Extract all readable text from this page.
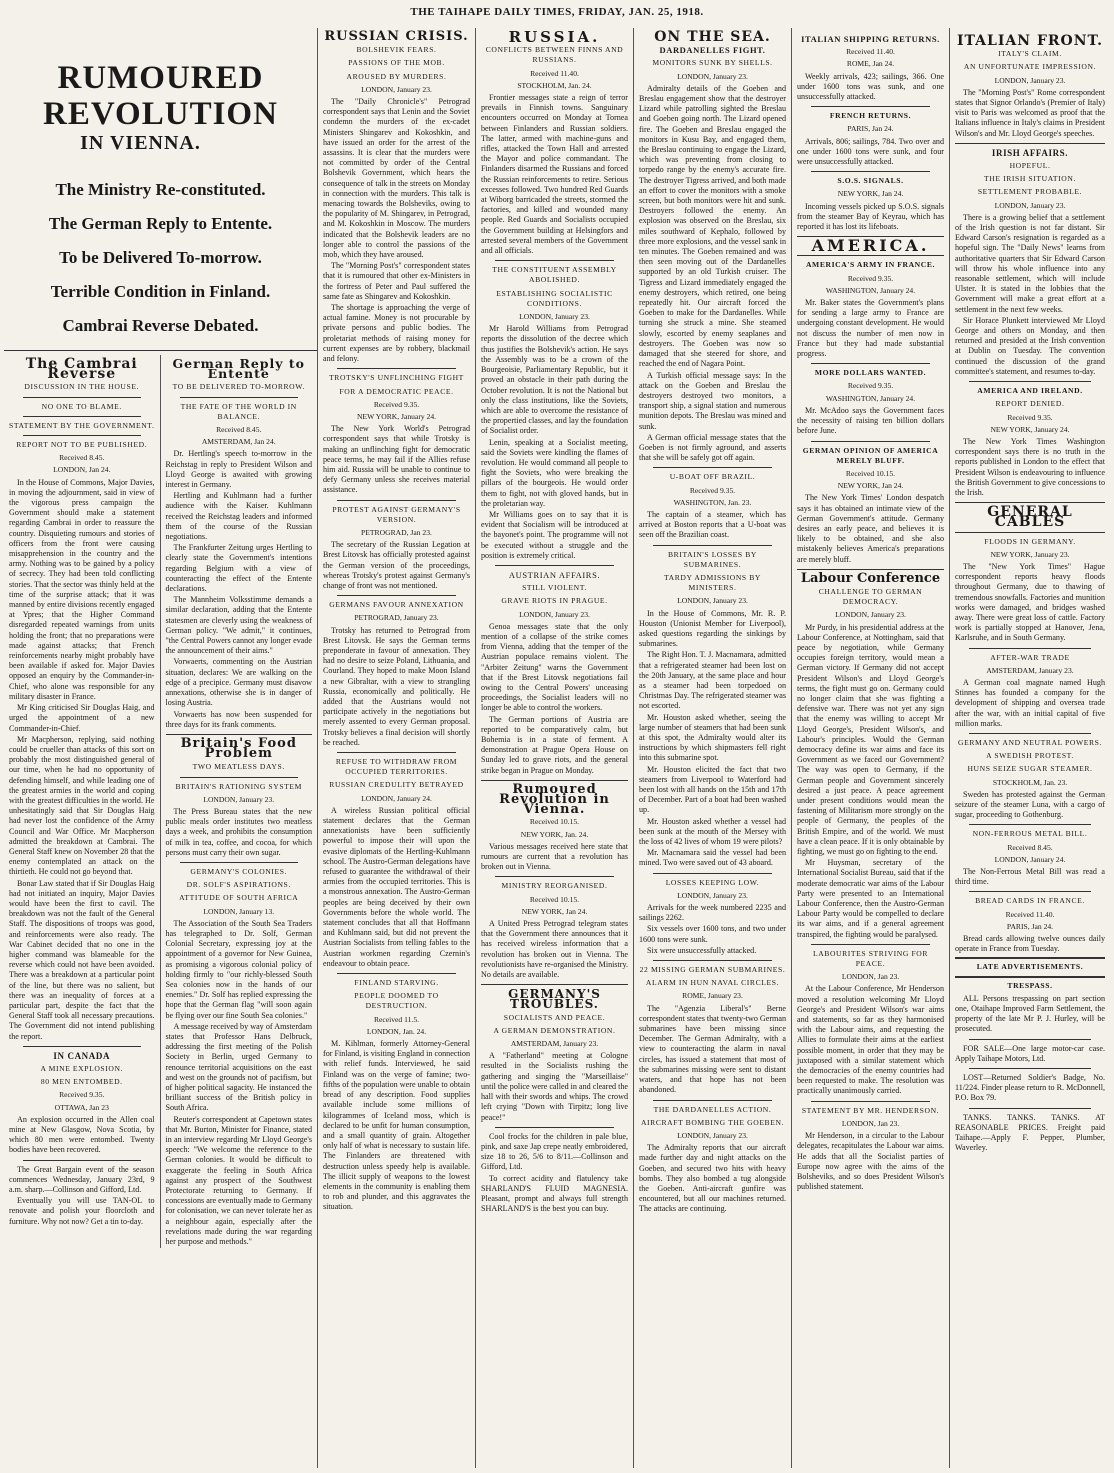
THE TAIHAPE DAILY TIMES, FRIDAY, JAN. 25, 1918.
RUMOURED REVOLUTION
IN VIENNA.
The Ministry Re-constituted.
The German Reply to Entente.
To be Delivered To-morrow.
Terrible Condition in Finland.
Cambrai Reverse Debated.
The Cambrai Reverse
DISCUSSION IN THE HOUSE.
NO ONE TO BLAME.
STATEMENT BY THE GOVERNMENT.
REPORT NOT TO BE PUBLISHED.
Received 8.45.
LONDON, Jan 24.

In the House of Commons, Major Davies, in moving the adjournment, said in view of the vigorous press campaign the Government should make a statement regarding Cambrai in order to reassure the country. Disquieting rumours and stories of officers from the front were causing misapprehension in the country and the army. Nothing was to be gained by a policy of secrecy. They had been told conflicting stories. That the sector was thinly held at the time of the surprise attack; that it was manned by entire divisions recently engaged at Ypres; that the Higher Command disregarded repeated warnings from units holding the front; that no preparations were made against attacks; that French reinforcements nearby might probably have been available if asked for. Major Davies opposed an enquiry by the Commander-in-Chief, who alone was responsible for any military disaster in France.

Mr King criticised Sir Douglas Haig, and urged the appointment of a new Commander-in-Chief.

Mr Macpherson, replying, said nothing could be crueller than attacks of this sort on probably the most distinguished general of our time, when he had no opportunity of defending himself, and while leading one of the greatest armies in the world and coping with the greatest difficulties in the world. He unhesitatingly said that Sir Douglas Haig had never lost the confidence of the Army Council and War Office. Mr Macpherson admitted the breakdown at Cambrai. The General Staff knew on November 28 that the enemy contemplated an attack on the thirtieth. He could not go beyond that.

Bonar Law stated that if Sir Douglas Haig had not initiated an inquiry, Major Davies would have been the first to cavil. The breakdown was not the fault of the General Staff. The dispositions of troops was good, and reinforcements were also ready. The War Cabinet decided that no one in the higher command was blameable for the reverse which could not have been avoided. There was a breakdown at a particular point of the line, but there was no salient, but there was an inequality of forces at a particular part, despite the fact that the General Staff took all necessary precautions. The Government did not intend publishing the report.

IN CANADA
A MINE EXPLOSION.
80 MEN ENTOMBED.
Received 9.35.
OTTAWA, Jan 23

An explosion occurred in the Allen coal mine at New Glasgow, Nova Scotia, by which 80 men were entombed. Twenty bodies have been recovered.

The Great Bargain event of the season commences Wednesday, January 23rd, 9 a.m. sharp.—Collinson and Gifford, Ltd.

Eventually you will use TAN-OL to renovate and polish your floorcloth and furniture. Why not now? Get a tin to-day.

German Reply to Entente
TO BE DELIVERED TO-MORROW.
THE FATE OF THE WORLD IN BALANCE.
Received 8.45.
AMSTERDAM, Jan 24.

Dr. Hertling's speech to-morrow in the Reichstag in reply to President Wilson and Lloyd George is awaited with growing interest in Germany.

Hertling and Kuhlmann had a further audience with the Kaiser. Kuhlmann received the Reichstag leaders and informed them of the course of the Russian negotiations.

The Frankfurter Zeitung urges Hertling to clearly state the Government's intentions regarding Belgium with a view of counteracting the effect of the Entente declarations.

The Mannheim Volksstimme demands a similar declaration, adding that the Entente statesmen are cleverly using the weakness of German policy. "We admit," it continues, "the Central Powers cannot any longer evade the announcement of their aims."

Vorwaerts, commenting on the Austrian situation, declares: We are walking on the edge of a precipice. Germany must disavow annexations, otherwise she is in danger of losing Austria.

Vorwaerts has now been suspended for three days for its frank comments.

Britain's Food Problem
TWO MEATLESS DAYS.
BRITAIN'S RATIONING SYSTEM
LONDON, January 23.

The Press Bureau states that the new public meals order institutes two meatless days a week, and prohibits the consumption of milk in tea, coffee, and cocoa, for which persons must carry their own sugar.

GERMANY'S COLONIES.
DR. SOLF'S ASPIRATIONS.
ATTITUDE OF SOUTH AFRICA
LONDON, January 13.

The Association of the South Sea Traders has telegraphed to Dr. Solf, German Colonial Secretary, expressing joy at the appointment of a governor for New Guinea, as promising a vigorous colonial policy of holding firmly to "our richly-blessed South Sea colonies now in the hands of our enemies." Dr. Solf has replied expressing the hope that the German flag "will soon again be flying over our fine South Sea colonies."

A message received by way of Amsterdam states that Professor Hans Delbruck, addressing the first meeting of the Polish Society in Berlin, urged Germany to renounce territorial acquisitions on the east and west on the grounds not of pacifism, but of higher political sagacity. He instanced the brilliant success of the British policy in South Africa.

Reuter's correspondent at Capetown states that Mr. Burton, Minister for Finance, stated in an interview regarding Mr Lloyd George's speech: "We welcome the reference to the German colonies. It would be difficult to exaggerate the feeling in South Africa against any prospect of the Southwest Protectorate returning to Germany. If concessions are eventually made to Germany for colonisation, we can never tolerate her as a neighbour again, especially after the revelations made during the war regarding her purpose and methods."

RUSSIAN CRISIS.
BOLSHEVIK FEARS.
PASSIONS OF THE MOB.
AROUSED BY MURDERS.
LONDON, January 23.

The "Daily Chronicle's" Petrograd correspondent says that Lenin and the Soviet condemn the murders of the ex-cadet Ministers Shingarev and Kokoshkin, and have issued an order for the arrest of the assassins. It is clear that the murders were not committed by order of the Central Bolshevik Government, which hears the consequence of talk in the streets on Monday in connection with the murders. This talk is menacing towards the Bolsheviks, owing to the popularity of M. Shingarev, in Petrograd, and M. Kokoshkin in Moscow. The murders indicated that the Bolshevik leaders are no longer able to control the passions of the mob, which they have aroused.

The "Morning Post's" correspondent states that it is rumoured that other ex-Ministers in the fortress of Peter and Paul suffered the same fate as Shingarev and Kokoshkin.

The shortage is approaching the verge of actual famine. Money is not procurable by private persons and public bodies. The proletariat methods of raising money for current expenses are by robbery, blackmail and felony.

TROTSKY'S UNFLINCHING FIGHT
FOR A DEMOCRATIC PEACE.
Received 9.35.
NEW YORK, January 24.

The New York World's Petrograd correspondent says that while Trotsky is making an unflinching fight for democratic peace terms, he may fail if the Allies refuse him aid. Russia will be unable to continue to defy Germany unless she receives material assistance.

PROTEST AGAINST GERMANY'S VERSION.
PETROGRAD, Jan 23.

The secretary of the Russian Legation at Brest Litovsk has officially protested against the German version of the proceedings, whereas Trotsky's protest against Germany's change of front was not mentioned.

GERMANS FAVOUR ANNEXATION
PETROGRAD, January 23.

Trotsky has returned to Petrograd from Brest Litovsk. He says the German terms preponderate in favour of annexation. They had no desire to seize Poland, Lithuania, and Courland. They hoped to make Moon Island a new Gibraltar, with a view to strangling Russia, economically and politically. He added that the Austrians would not participate actively in the negotiations but merely assented to every German proposal. Trotsky believes a final decision will shortly be reached.

REFUSE TO WITHDRAW FROM OCCUPIED TERRITORIES.
RUSSIAN CREDULITY BETRAYED
LONDON, January 24.

A wireless Russian political official statement declares that the German annexationists have been sufficiently powerful to impose their will upon the evasive diplomats of the Hertling-Kuhlmann school. The Austro-German delegations have refused to guarantee the withdrawal of their armies from the occupied territories. This is a monstrous annexation. The Austro-German peoples are being deceived by their own Governments before the whole world. The statement concludes that all that Hoffmann and Kuhlmann said, but did not prevent the Austrian Socialists from telling fables to the Austrian workmen regarding Czernin's endeavour to obtain peace.

FINLAND STARVING.
PEOPLE DOOMED TO DESTRUCTION.
Received 11.5.
LONDON, Jan. 24.

M. Kihlman, formerly Attorney-General for Finland, is visiting England in connection with relief funds. Interviewed, he said Finland was on the verge of famine; two-fifths of the population were unable to obtain bread of any description. Food supplies available include some millions of kilogrammes of Iceland moss, which is declared to be unfit for human consumption, and a small quantity of grain. Altogether only half of what is necessary to sustain life. The Finlanders are threatened with destruction unless speedy help is available. The illicit supply of weapons to the lowest elements in the community is enabling them to rob and plunder, and this aggravates the situation.

RUSSIA.
CONFLICTS BETWEEN FINNS AND RUSSIANS.
Received 11.40.
STOCKHOLM, Jan. 24.

Frontier messages state a reign of terror prevails in Finnish towns. Sanguinary encounters occurred on Monday at Tornea between Finlanders and Russian soldiers. The latter, armed with machine-guns and rifles, attacked the Town Hall and arrested the Mayor and police commandant. The Finlanders disarmed the Russians and forced the Russian reinforcements to retire. Serious excesses followed. Two hundred Red Guards at Wiborg barricaded the streets, stormed the factories, and killed and wounded many people. Red Guards and Socialists occupied the Government building at Helsingfors and arrested several members of the Government and all officials.

THE CONSTITUENT ASSEMBLY ABOLISHED.
ESTABLISHING SOCIALISTIC CONDITIONS.
LONDON, January 23.

Mr Harold Williams from Petrograd reports the dissolution of the decree which thus justifies the Bolshevik's action. He says the Assembly was to be a crown of the Bourgeoisie, Parliamentary Republic, but it proved an obstacle in their path during the October revolution. It is not the National but only the class institutions, like the Soviets, which are able to overcome the resistance of the propertied classes, and lay the foundation of Socialist order.

Lenin, speaking at a Socialist meeting, said the Soviets were kindling the flames of revolution. He would command all people to fight the Soviets, who were breaking the pillars of the bourgeois. He would order them to fight, not with gloved hands, but in the proletarian way.

Mr Williams goes on to say that it is evident that Socialism will be introduced at the bayonet's point. The programme will not be executed without a struggle and the position is extremely critical.

AUSTRIAN AFFAIRS.
STILL VIOLENT.
GRAVE RIOTS IN PRAGUE.
LONDON, January 23.

Genoa messages state that the only mention of a collapse of the strike comes from Vienna, adding that the temper of the Austrian populace remains violent. The "Arbiter Zeitung" warns the Government that if the Brest Litovsk negotiations fail owing to the Central Powers' unceasing proceedings, the Socialist leaders will no longer be able to control the workers.

The German portions of Austria are reported to be comparatively calm, but Bohemia is in a state of ferment. A demonstration at Prague Opera House on Sunday led to grave riots, and the general strike began in Prague on Monday.

Rumoured Revolution in Vienna.
Received 10.15.
NEW YORK, Jan. 24.

Various messages received here state that rumours are current that a revolution has broken out in Vienna.

MINISTRY REORGANISED.
Received 10.15.
NEW YORK, Jan 24.

A United Press Petrograd telegram states that the Government there announces that it has received wireless information that a revolution has broken out in Vienna. The revolutionists have re-organised the Ministry. No details are available.

GERMANY'S TROUBLES.
SOCIALISTS AND PEACE.
A GERMAN DEMONSTRATION.
AMSTERDAM, January 23.

A "Fatherland" meeting at Cologne resulted in the Socialists rushing the gathering and singing the "Marseillaise" until the police were called in and cleared the hall with their swords and whips. The crowd left crying "Down with Tirpitz; long live peace!"

Cool frocks for the children in pale blue, pink, and saxe Jap crepe neatly embroidered, size 18 to 26, 5/6 to 8/11.—Collinson and Gifford, Ltd.

To correct acidity and flatulency take SHARLAND'S FLUID MAGNESIA. Pleasant, prompt and always full strength SHARLAND'S is the best you can buy.

ON THE SEA.
DARDANELLES FIGHT.
MONITORS SUNK BY SHELLS.
LONDON, January 23.

Admiralty details of the Goeben and Breslau engagement show that the destroyer Lizard while patrolling sighted the Breslau and Goeben going north. The Lizard opened fire. The Goeben and Breslau engaged the monitors in Kusu Bay, and engaged them, the Breslau continuing to engage the Lizard, which was preventing from closing to torpedo range by the enemy's accurate fire. The destroyer Tigress arrived, and both made an effort to cover the monitors with a smoke screen, but both monitors were hit and sunk. Destroyers followed the enemy. An explosion was observed on the Breslau, six miles southward of Kephalo, followed by three more explosions, and the vessel sank in ten minutes. The Goeben remained and was then seen moving out of the Dardanelles supported by an old Turkish cruiser. The Tigress and Lizard immediately engaged the enemy destroyers, which retired, one being repeatedly hit. Our aircraft forced the Goeben to make for the Dardanelles. While turning she struck a mine. She steamed slowly, escorted by enemy seaplanes and destroyers. The Goeben was now so damaged that she steered for shore, and reached the end of Nagara Point.

A Turkish official message says: In the attack on the Goeben and Breslau the destroyers destroyed two monitors, a transport ship, a signal station and numerous munition depots. The Breslau was mined and sunk.

A German official message states that the Goeben is not firmly aground, and asserts that she will be safely got off again.

U-BOAT OFF BRAZIL.
Received 9.35.
WASHINGTON, Jan. 23.

The captain of a steamer, which has arrived at Boston reports that a U-boat was seen off the Brazilian coast.

BRITAIN'S LOSSES BY SUBMARINES.
TARDY ADMISSIONS BY MINISTERS.
LONDON, January 23.

In the House of Commons, Mr. R. P. Houston (Unionist Member for Liverpool), asked questions regarding the sinkings by submarines.

The Right Hon. T. J. Macnamara, admitted that a refrigerated steamer had been lost on the 20th January, at the same place and hour as a steamer had been torpedoed on Christmas Day. The refrigerated steamer was not escorted.

Mr. Houston asked whether, seeing the large number of steamers that had been sunk at this spot, the Admiralty would alter its instructions by which shipmasters fell right into this submarine spot.

Mr. Houston elicited the fact that two steamers from Liverpool to Waterford had been lost with all hands on the 15th and 17th of December. Part of a boat had been washed up.

Mr. Houston asked whether a vessel had been sunk at the mouth of the Mersey with the loss of 42 lives of whom 19 were pilots?

Mr. Macnamara said the vessel had been mined. Two were saved out of 43 aboard.

LOSSES KEEPING LOW.
LONDON, January 23.

Arrivals for the week numbered 2235 and sailings 2262.

Six vessels over 1600 tons, and two under 1600 tons were sunk.

Six were unsuccessfully attacked.

22 MISSING GERMAN SUBMARINES.
ALARM IN HUN NAVAL CIRCLES.
ROME, January 23.

The "Agenzia Liberal's" Berne correspondent states that twenty-two German submarines have been missing since December. The German Admiralty, with a view to counteracting the alarm in naval circles, has issued a statement that most of the submarines missing were sent to distant waters, and that hope has not been abandoned.

THE DARDANELLES ACTION.
AIRCRAFT BOMBING THE GOEBEN.
LONDON, January 23.

The Admiralty reports that our aircraft made further day and night attacks on the Goeben, and secured two hits with heavy bombs. They also bombed a tug alongside the Goeben. Anti-aircraft gunfire was encountered, but all our machines returned. The attacks are continuing.

ITALIAN SHIPPING RETURNS.
Received 11.40.
ROME, Jan 24.

Weekly arrivals, 423; sailings, 366. One under 1600 tons was sunk, and one unsuccessfully attacked.

FRENCH RETURNS.
PARIS, Jan 24.

Arrivals, 806; sailings, 784. Two over and one under 1600 tons were sunk, and four were unsuccessfully attacked.

S.O.S. SIGNALS.
NEW YORK, Jan 24.

Incoming vessels picked up S.O.S. signals from the steamer Bay of Keyrau, which has reported it has lost its lifeboats.

AMERICA.
AMERICA'S ARMY IN FRANCE.
Received 9.35.
WASHINGTON, January 24.

Mr. Baker states the Government's plans for sending a large army to France are undergoing constant development. He would not discuss the number of men now in France but they had made substantial progress.

MORE DOLLARS WANTED.
Received 9.35.
WASHINGTON, January 24.

Mr. McAdoo says the Government faces the necessity of raising ten billion dollars before June.

GERMAN OPINION OF AMERICA MERELY BLUFF.
Received 10.15.
NEW YORK, Jan 24.

The New York Times' London despatch says it has obtained an intimate view of the German Government's attitude. Germany desires an early peace, and believes it is likely to be obtained, and she also mistakenly believes America's preparations are merely bluff.

Labour Conference
CHALLENGE TO GERMAN DEMOCRACY.
LONDON, January 23.

Mr Purdy, in his presidential address at the Labour Conference, at Nottingham, said that peace by negotiation, while Germany occupies foreign territory, would mean a German victory. If Germany did not accept President Wilson's and Lloyd George's terms, the fight must go on. Germany could no longer claim that she was fighting a defensive war. There was not yet any sign that the enemy was willing to accept Mr Lloyd George's, President Wilson's, and Labour's principles. Would the German democracy define its war aims and face its Government as we faced our Government? The way was open to Germany, if the German people and Government sincerely desired a just peace. A peace agreement under present conditions would mean the fastening of Militarism more strongly on the people of Germany, the peoples of the British Empire, and of the world. We must have a clean peace. If it is only obtainable by fighting, we must go on fighting to the end.

Mr Huysman, secretary of the International Socialist Bureau, said that if the moderate democratic war aims of the Labour Party were presented to an International Labour Conference, then the Austro-German Labour Party would be compelled to declare its war aims, and if a general agreement transpired, the fighting would be paralysed.

LABOURITES STRIVING FOR PEACE.
LONDON, Jan 23.

At the Labour Conference, Mr Henderson moved a resolution welcoming Mr Lloyd George's and President Wilson's war aims and statements, so far as they harmonised with the Labour aims, and requesting the Allies to formulate their aims at the earliest possible moment, in order that they may be juxtaposed with a similar statement which the democracies of the enemy countries had been requested to make. The resolution was practically unanimously carried.

STATEMENT BY MR. HENDERSON.
LONDON, Jan 23.

Mr Henderson, in a circular to the Labour delegates, recapitulates the Labour war aims. He adds that all the Socialist parties of Europe now agree with the aims of the Bolsheviks, and so does President Wilson's published statement.

ITALIAN FRONT.
ITALY'S CLAIM.
AN UNFORTUNATE IMPRESSION.
LONDON, January 23.

The "Morning Post's" Rome correspondent states that Signor Orlando's (Premier of Italy) visit to Paris was welcomed as proof that the Italians influence in Italy's claims in President Wilson's and Mr. Lloyd George's speeches.

IRISH AFFAIRS.
HOPEFUL.
THE IRISH SITUATION.
SETTLEMENT PROBABLE.
LONDON, January 23.

There is a growing belief that a settlement of the Irish question is not far distant. Sir Edward Carson's resignation is regarded as a hopeful sign. The "Daily News" learns from authoritative quarters that Sir Edward Carson will throw his whole influence into any reasonable settlement, which will include Ulster. It is stated in the lobbies that the Government will make a great effort at a settlement in the next few weeks.

Sir Horace Plunkett interviewed Mr Lloyd George and others on Monday, and then returned and presided at the Irish convention at Dublin on Tuesday. The convention continued the discussion of the grand committee's statement, and resumes to-day.

AMERICA AND IRELAND.
REPORT DENIED.
Received 9.35.
NEW YORK, January 24.

The New York Times Washington correspondent says there is no truth in the reports published in London to the effect that President Wilson is endeavouring to influence the British Government to give concessions to the Irish.

GENERAL CABLES
FLOODS IN GERMANY.
NEW YORK, January 23.

The "New York Times" Hague correspondent reports heavy floods throughout Germany, due to thawing of tremendous snowfalls. Factories and munition works were damaged, and bridges washed away. There were great loss of cattle. Factory work is partially stopped at Hanover, Jena, Karlsruhe, and in South Germany.

AFTER-WAR TRADE
AMSTERDAM, January 23.

A German coal magnate named Hugh Stinnes has founded a company for the development of shipping and oversea trade after the war, with an initial capital of five million marks.

GERMANY AND NEUTRAL POWERS.
A SWEDISH PROTEST.
HUNS SEIZE SUGAR STEAMER.
STOCKHOLM, Jan. 23.

Sweden has protested against the German seizure of the steamer Luna, with a cargo of sugar, proceeding to Gothenburg.

NON-FERROUS METAL BILL.
Received 8.45.
LONDON, January 24.

The Non-Ferrous Metal Bill was read a third time.

BREAD CARDS IN FRANCE.
Received 11.40.
PARIS, Jan 24.

Bread cards allowing twelve ounces daily operate in France from Tuesday.

LATE ADVERTISEMENTS.
TRESPASS.

ALL Persons trespassing on part section one, Otaihape Improved Farm Settlement, the property of the late Mr P. J. Hurley, will be prosecuted.

FOR SALE—One large motor-car case. Apply Taihape Motors, Ltd.

LOST—Returned Soldier's Badge, No. 11/224. Finder please return to R. McDonnell, P.O. Box 79.

TANKS. TANKS. TANKS. AT REASONABLE PRICES. Freight paid Taihape.—Apply F. Pepper, Plumber, Waverley.
